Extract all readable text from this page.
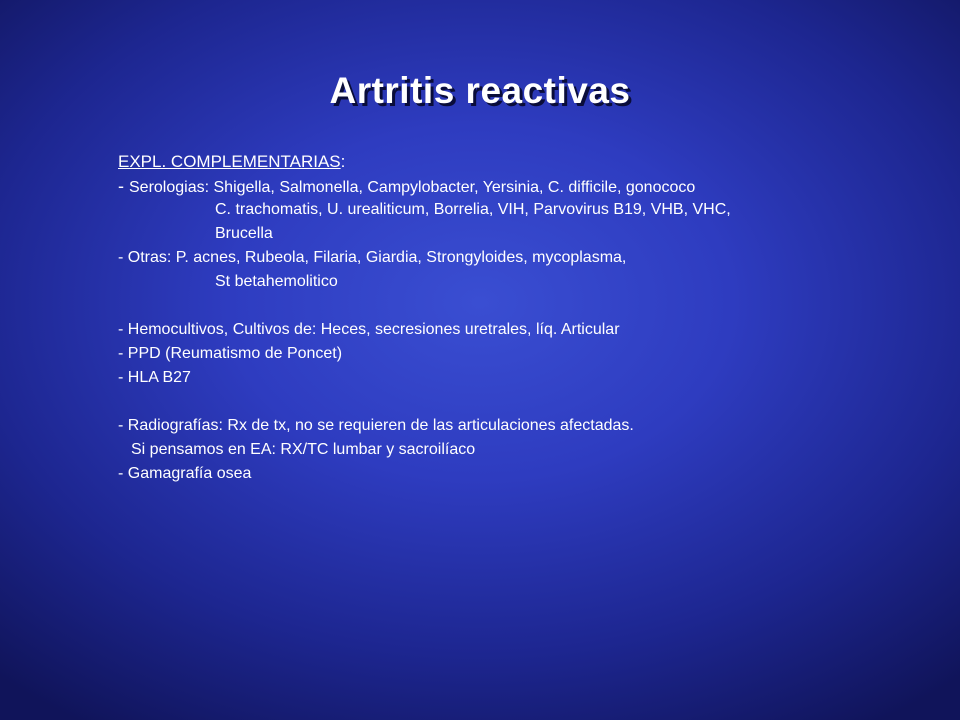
Artritis reactivas
EXPL. COMPLEMENTARIAS:
- Serologias: Shigella, Salmonella, Campylobacter, Yersinia, C. difficile, gonococo
C. trachomatis, U. urealiticum, Borrelia, VIH, Parvovirus B19, VHB, VHC,
Brucella
- Otras: P. acnes, Rubeola, Filaria, Giardia, Strongyloides, mycoplasma,
St betahemolitico
- Hemocultivos, Cultivos de: Heces, secresiones uretrales, líq. Articular
- PPD (Reumatismo de Poncet)
- HLA B27
- Radiografías: Rx de tx, no se requieren de las articulaciones afectadas.
Si pensamos en EA: RX/TC lumbar y sacroilíaco
- Gamagrafía osea
